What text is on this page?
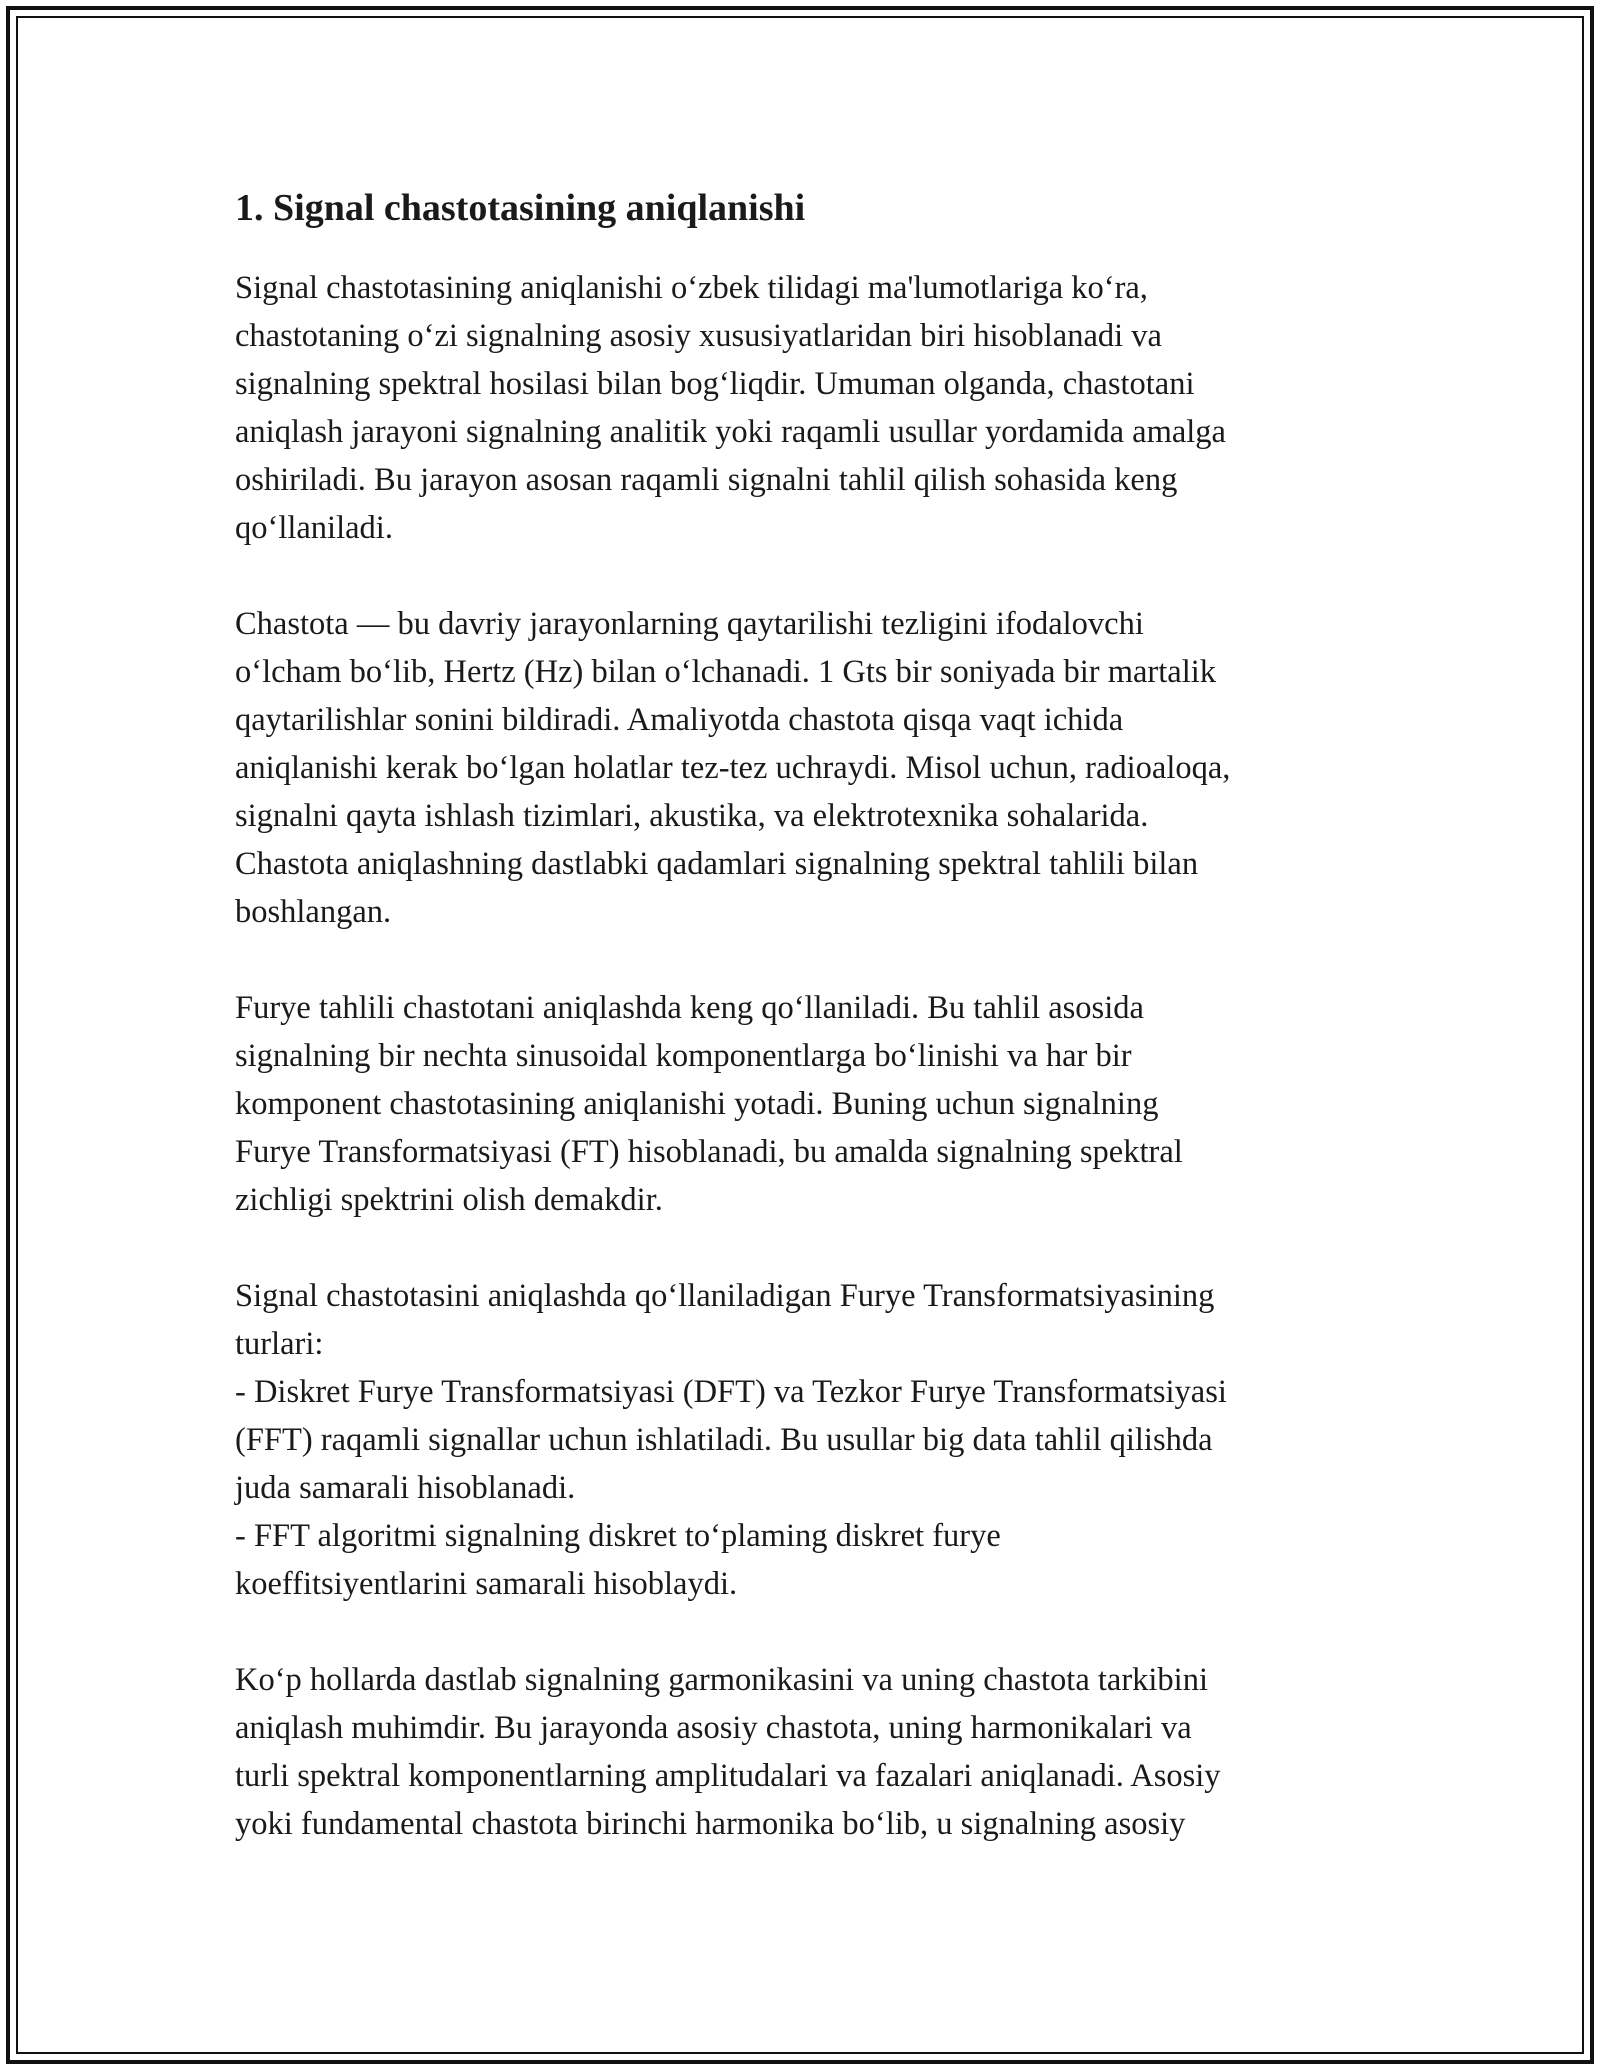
1. Signal chastotasining aniqlanishi
Signal chastotasining aniqlanishi o‘zbek tilidagi ma'lumotlariga ko‘ra,
chastotaning o‘zi signalning asosiy xususiyatlaridan biri hisoblanadi va
signalning spektral hosilasi bilan bog‘liqdir. Umuman olganda, chastotani
aniqlash jarayoni signalning analitik yoki raqamli usullar yordamida amalga
oshiriladi. Bu jarayon asosan raqamli signalni tahlil qilish sohasida keng
qo‘llaniladi.
Chastota — bu davriy jarayonlarning qaytarilishi tezligini ifodalovchi
o‘lcham bo‘lib, Hertz (Hz) bilan o‘lchanadi. 1 Gts bir soniyada bir martalik
qaytarilishlar sonini bildiradi. Amaliyotda chastota qisqa vaqt ichida
aniqlanishi kerak bo‘lgan holatlar tez-tez uchraydi. Misol uchun, radioaloqa,
signalni qayta ishlash tizimlari, akustika, va elektrotexnika sohalarida.
Chastota aniqlashning dastlabki qadamlari signalning spektral tahlili bilan
boshlangan.
Furye tahlili chastotani aniqlashda keng qo‘llaniladi. Bu tahlil asosida
signalning bir nechta sinusoidal komponentlarga bo‘linishi va har bir
komponent chastotasining aniqlanishi yotadi. Buning uchun signalning
Furye Transformatsiyasi (FT) hisoblanadi, bu amalda signalning spektral
zichligi spektrini olish demakdir.
Signal chastotasini aniqlashda qo‘llaniladigan Furye Transformatsiyasining
turlari:
- Diskret Furye Transformatsiyasi (DFT) va Tezkor Furye Transformatsiyasi
(FFT) raqamli signallar uchun ishlatiladi. Bu usullar big data tahlil qilishda
juda samarali hisoblanadi.
- FFT algoritmi signalning diskret to‘plaming diskret furye
koeffitsiyentlarini samarali hisoblaydi.
Ko‘p hollarda dastlab signalning garmonikasini va uning chastota tarkibini
aniqlash muhimdir. Bu jarayonda asosiy chastota, uning harmonikalari va
turli spektral komponentlarning amplitudalari va fazalari aniqlanadi. Asosiy
yoki fundamental chastota birinchi harmonika bo‘lib, u signalning asosiy
